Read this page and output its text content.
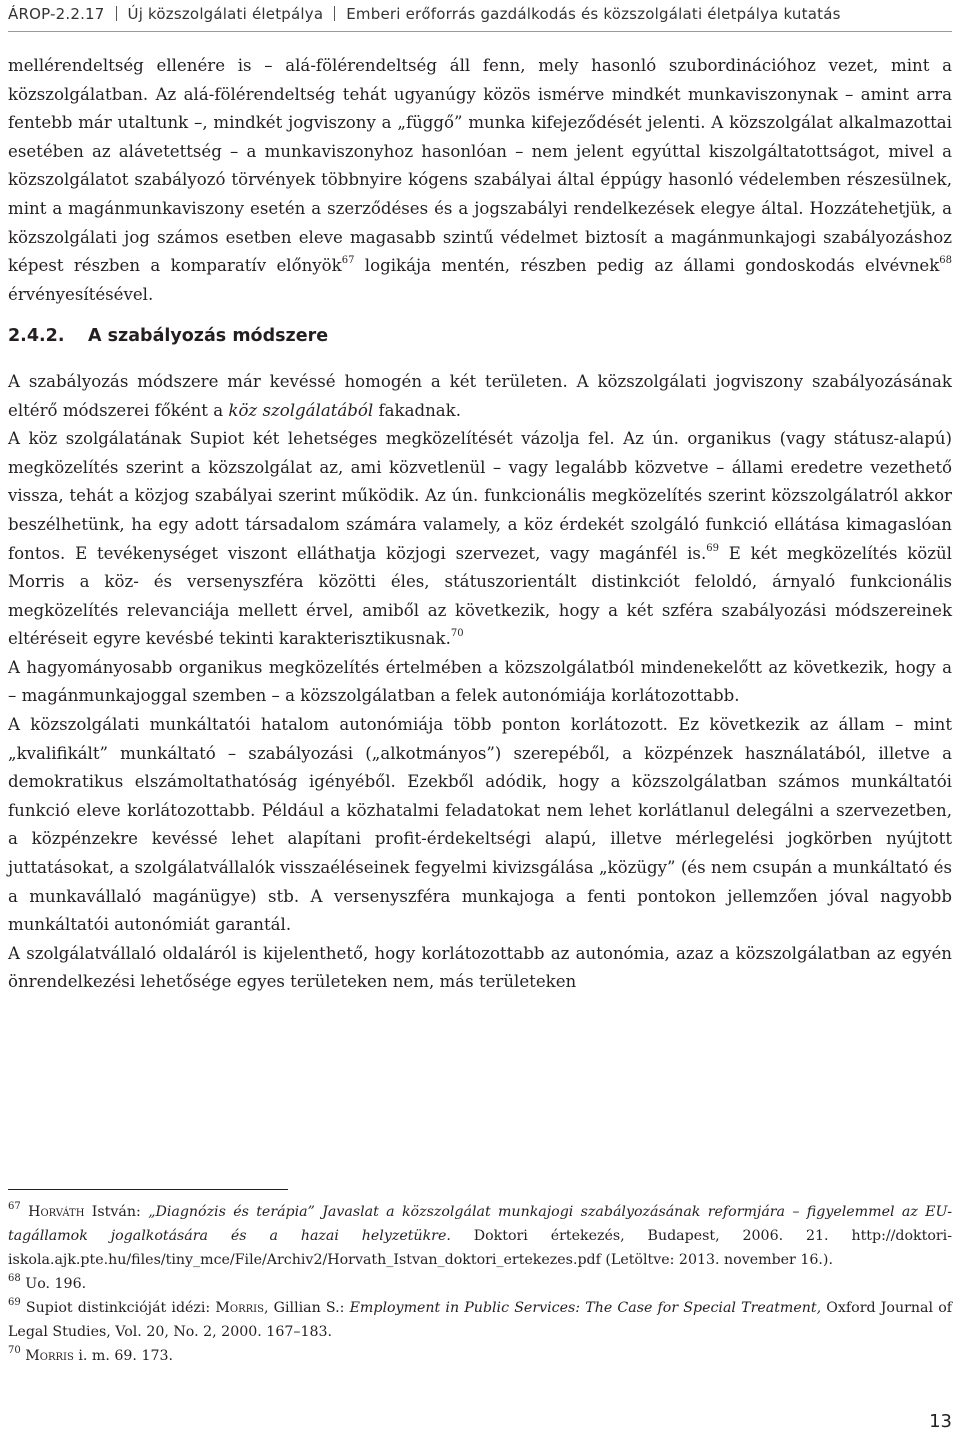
ÁROP-2.2.17 Új közszolgálati életpálya Emberi erőforrás gazdálkodás és közszolgálati életpálya kutatás

mellérendeltség ellenére is – alá-fölérendeltség áll fenn, mely hasonló szubordinációhoz vezet, mint a közszolgálatban. Az alá-fölérendeltség tehát ugyanúgy közös ismérve mindkét munkaviszonynak – amint arra fentebb már utaltunk –, mindkét jogviszony a „függő” munka kifejeződését jelenti. A közszolgálat alkalmazottai esetében az alávetettség – a munkaviszonyhoz hasonlóan – nem jelent egyúttal kiszolgáltatottságot, mivel a közszolgálatot szabályozó törvények többnyire kógens szabályai által éppúgy hasonló védelemben részesülnek, mint a magánmunkaviszony esetén a szerződéses és a jogszabályi rendelkezések elegye által. Hozzátehetjük, a közszolgálati jog számos esetben eleve magasabb szintű védelmet biztosít a magánmunkajogi szabályozáshoz képest részben a komparatív előnyök$^{67}$ logikája mentén, részben pedig az állami gondoskodás elvévnek$^{68}$ érvényesítésével.

2.4.2. A szabályozás módszere

A szabályozás módszere már kevéssé homogén a két területen. A közszolgálati jogviszony szabályozásának eltérő módszerei főként a köz szolgálatából fakadnak.

A köz szolgálatának Supiot két lehetséges megközelítését vázolja fel. Az ún. organikus (vagy státusz-alapú) megközelítés szerint a közszolgálat az, ami közvetlenül – vagy legalább közvetve – állami eredetre vezethető vissza, tehát a közjog szabályai szerint működik. Az ún. funkcionális megközelítés szerint közszolgálatról akkor beszélhetünk, ha egy adott társadalom számára valamely, a köz érdekét szolgáló funkció ellátása kimagaslóan fontos. E tevékenységet viszont elláthatja közjogi szervezet, vagy magánfél is.$^{69}$ E két megközelítés közül Morris a köz- és versenyszféra közötti éles, státuszorientált distinkciót feloldó, árnyaló funkcionális megközelítés relevanciája mellett érvel, amiből az következik, hogy a két szféra szabályozási módszereinek eltéréseit egyre kevésbé tekinti karakterisztikusnak.$^{70}$

A hagyományosabb organikus megközelítés értelmében a közszolgálatból mindenekelőtt az következik, hogy a – magánmunkajoggal szemben – a közszolgálatban a felek autonómiája korlátozottabb.

A közszolgálati munkáltatói hatalom autonómiája több ponton korlátozott. Ez következik az állam – mint „kvalifikált” munkáltató – szabályozási („alkotmányos”) szerepéből, a közpénzek használatából, illetve a demokratikus elszámoltathatóság igényéből. Ezekből adódik, hogy a közszolgálatban számos munkáltatói funkció eleve korlátozottabb. Például a közhatalmi feladatokat nem lehet korlátlanul delegálni a szervezetben, a közpénzekre kevéssé lehet alapítani profit-érdekeltségi alapú, illetve mérlegelési jogkörben nyújtott juttatásokat, a szolgálatvállalók visszaéléseinek fegyelmi kivizsgálása „közügy” (és nem csupán a munkáltató és a munkavállaló magánügye) stb. A versenyszféra munkajoga a fenti pontokon jellemzően jóval nagyobb munkáltatói autonómiát garantál.

A szolgálatvállaló oldaláról is kijelenthető, hogy korlátozottabb az autonómia, azaz a közszolgálatban az egyén önrendelkezési lehetősége egyes területeken nem, más területeken

$^{67}$ Horváth István: „Diagnózis és terápia” Javaslat a közszolgálat munkajogi szabályozásának reformjára – figyelemmel az EU-tagállamok jogalkotására és a hazai helyzetükre. Doktori értekezés, Budapest, 2006. 21. http://doktori-iskola.ajk.pte.hu/files/tiny_mce/File/Archiv2/Horvath_Istvan_doktori_ertekezes.pdf (Letöltve: 2013. november 16.).

$^{68}$ Uo. 196.

$^{69}$ Supiot distinkcióját idézi: Morris, Gillian S.: Employment in Public Services: The Case for Special Treatment, Oxford Journal of Legal Studies, Vol. 20, No. 2, 2000. 167–183.

$^{70}$ Morris i. m. 69. 173.

13
